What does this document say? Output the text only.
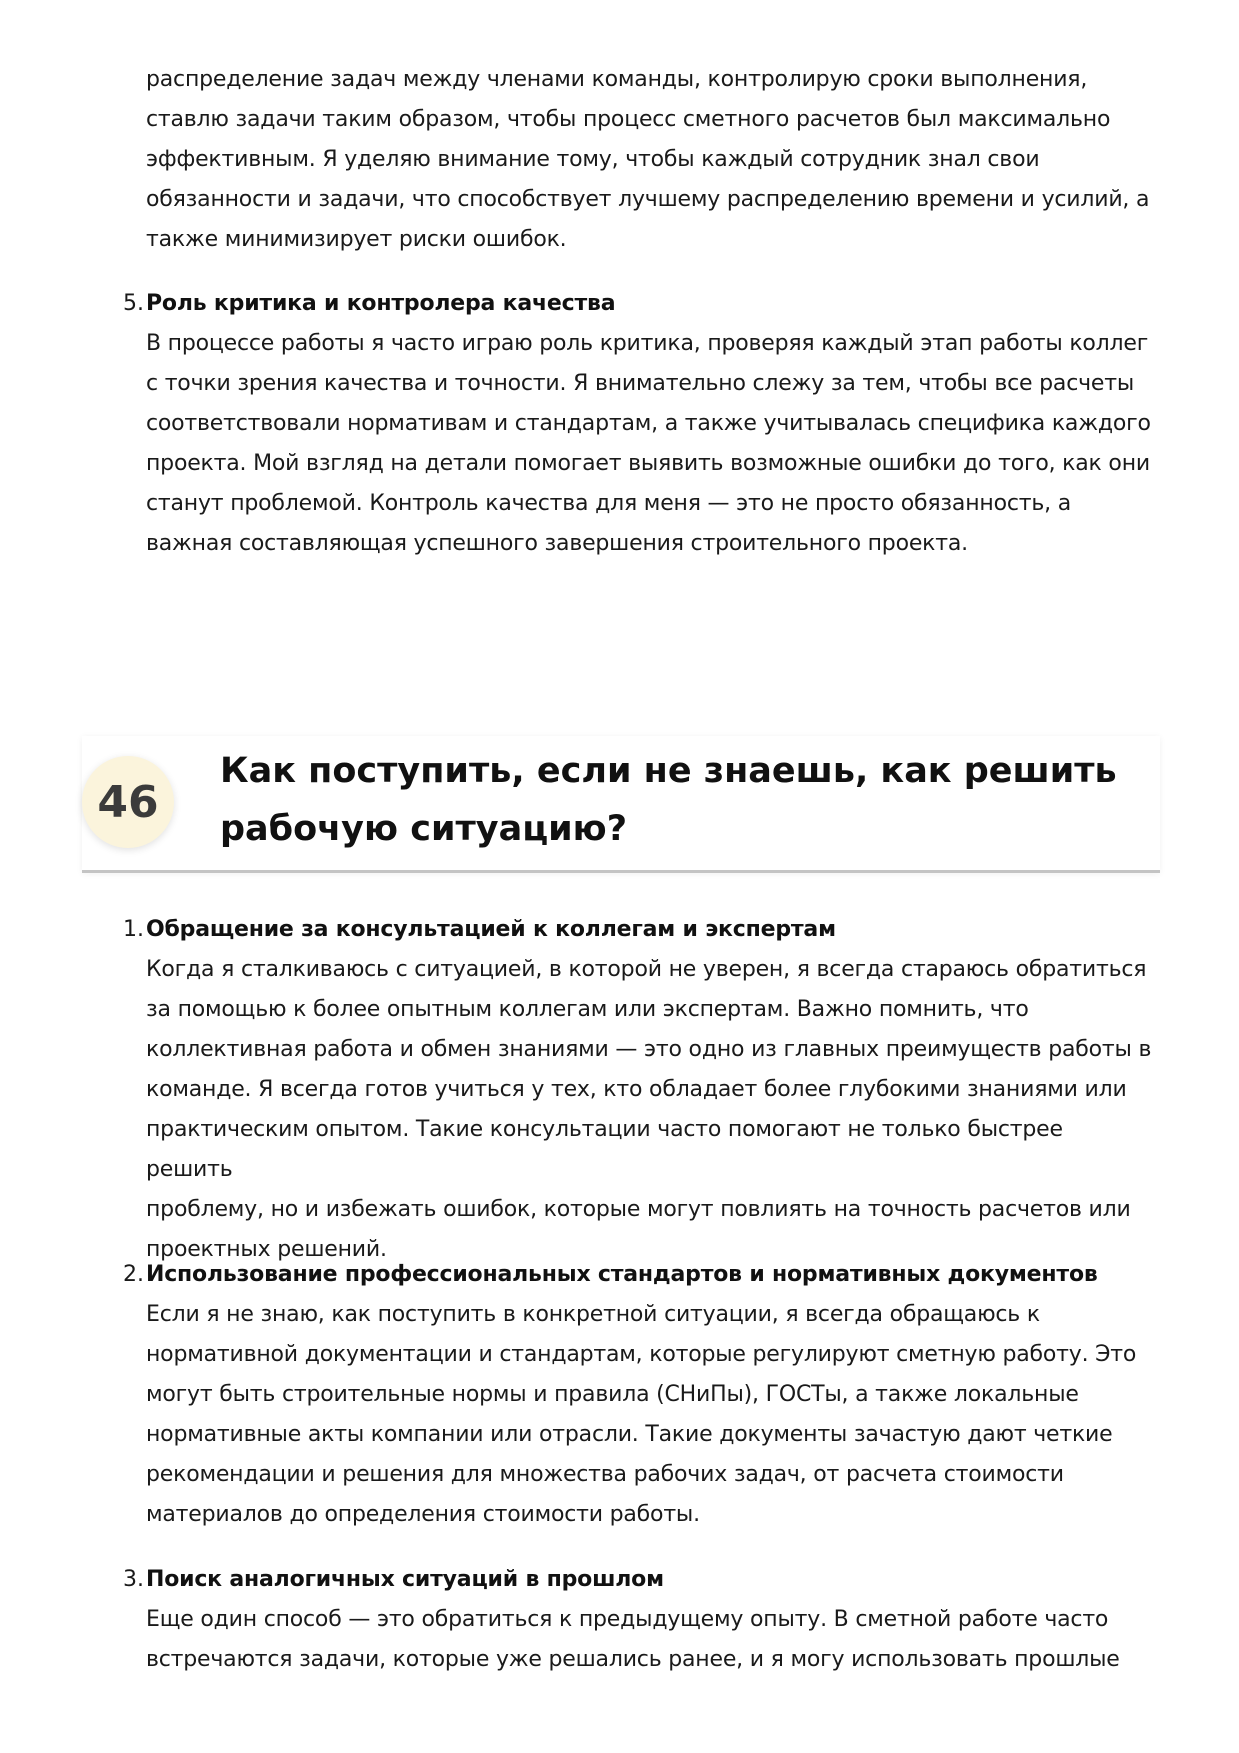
распределение задач между членами команды, контролирую сроки выполнения,

ставлю задачи таким образом, чтобы процесс сметного расчетов был максимально

эффективным. Я уделяю внимание тому, чтобы каждый сотрудник знал свои

обязанности и задачи, что способствует лучшему распределению времени и усилий, а

также минимизирует риски ошибок.

5. Роль критика и контролера качества

В процессе работы я часто играю роль критика, проверяя каждый этап работы коллег

с точки зрения качества и точности. Я внимательно слежу за тем, чтобы все расчеты

соответствовали нормативам и стандартам, а также учитывалась специфика каждого

проекта. Мой взгляд на детали помогает выявить возможные ошибки до того, как они

станут проблемой. Контроль качества для меня — это не просто обязанность, а

важная составляющая успешного завершения строительного проекта.

46
Как поступить, если не знаешь, как решить
рабочую ситуацию?
1. Обращение за консультацией к коллегам и экспертам

Когда я сталкиваюсь с ситуацией, в которой не уверен, я всегда стараюсь обратиться

за помощью к более опытным коллегам или экспертам. Важно помнить, что

коллективная работа и обмен знаниями — это одно из главных преимуществ работы в

команде. Я всегда готов учиться у тех, кто обладает более глубокими знаниями или

практическим опытом. Такие консультации часто помогают не только быстрее решить

проблему, но и избежать ошибок, которые могут повлиять на точность расчетов или

проектных решений.

2. Использование профессиональных стандартов и нормативных документов

Если я не знаю, как поступить в конкретной ситуации, я всегда обращаюсь к

нормативной документации и стандартам, которые регулируют сметную работу. Это

могут быть строительные нормы и правила (СНиПы), ГОСТы, а также локальные

нормативные акты компании или отрасли. Такие документы зачастую дают четкие

рекомендации и решения для множества рабочих задач, от расчета стоимости

материалов до определения стоимости работы.

3. Поиск аналогичных ситуаций в прошлом

Еще один способ — это обратиться к предыдущему опыту. В сметной работе часто

встречаются задачи, которые уже решались ранее, и я могу использовать прошлые
